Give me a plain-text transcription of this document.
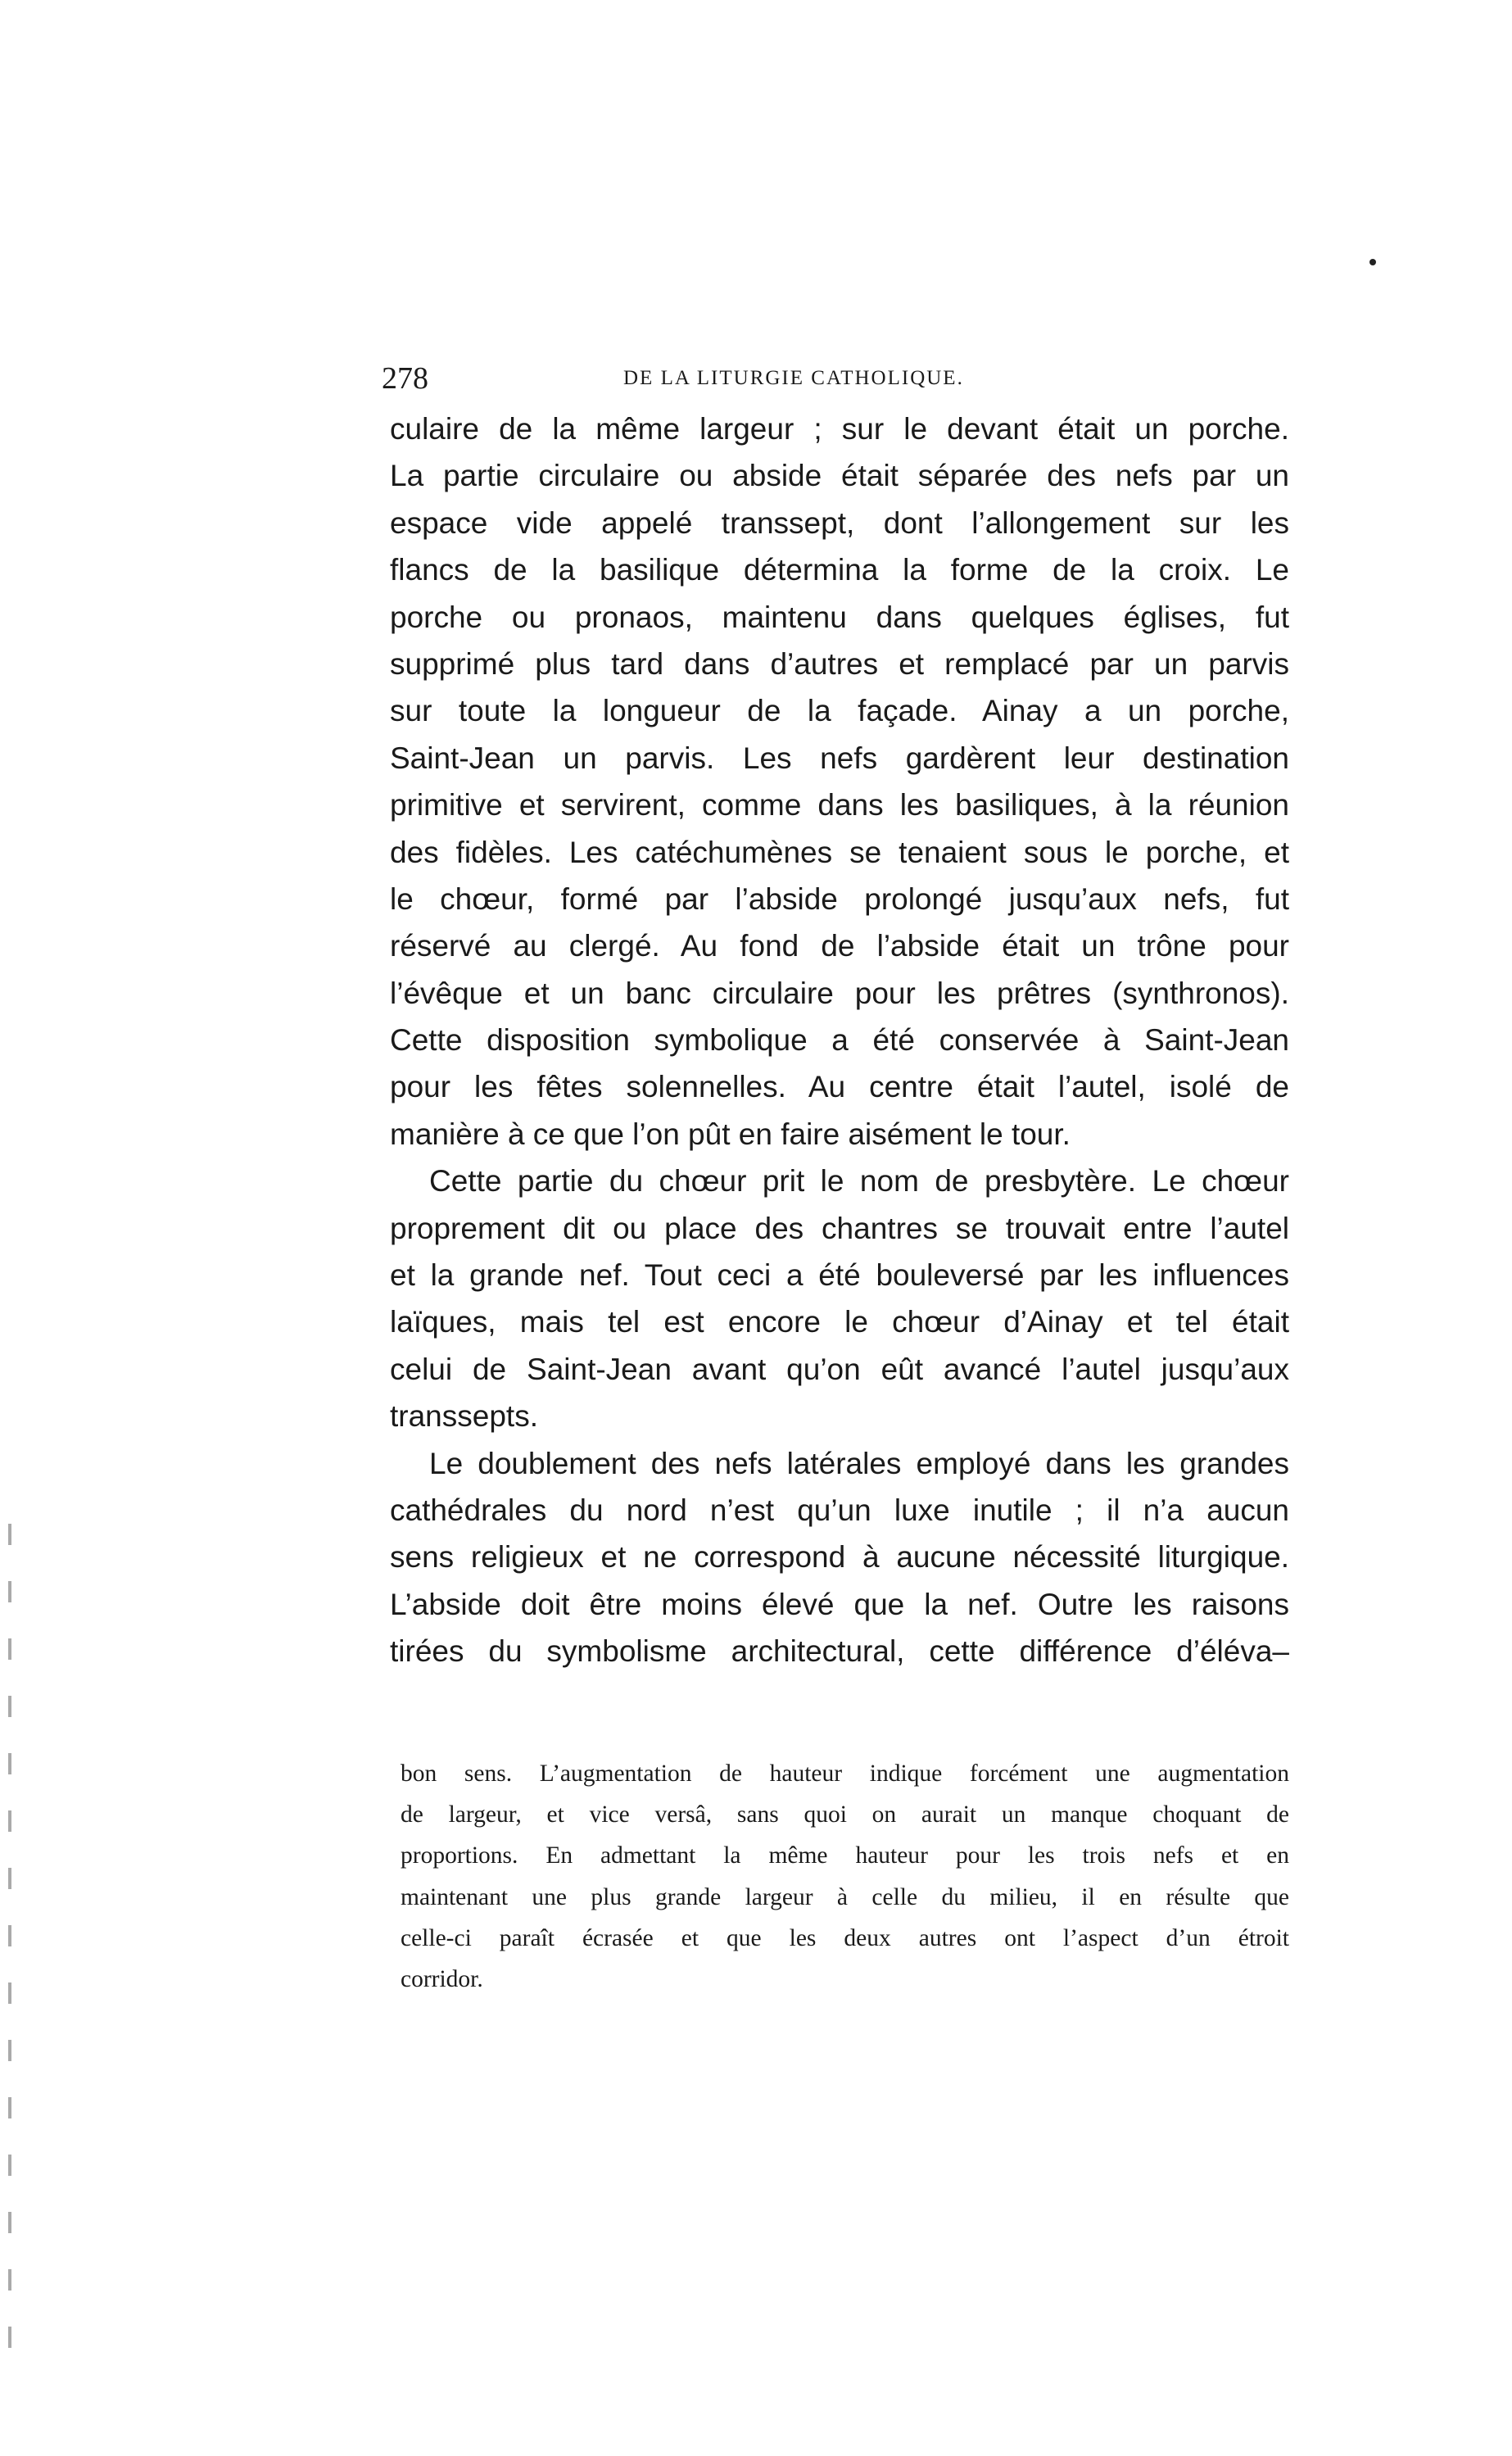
278	DE LA LITURGIE CATHOLIQUE.
culaire de la même largeur ; sur le devant était un porche.
La partie circulaire ou abside était séparée des nefs par un
espace vide appelé transsept, dont l’allongement sur les
flancs de la basilique détermina la forme de la croix. Le
porche ou pronaos, maintenu dans quelques églises, fut
supprimé plus tard dans d’autres et remplacé par un parvis
sur toute la longueur de la façade. Ainay a un porche,
Saint-Jean un parvis. Les nefs gardèrent leur destination
primitive et servirent, comme dans les basiliques, à la réunion
des fidèles. Les catéchumènes se tenaient sous le porche, et
le chœur, formé par l’abside prolongé jusqu’aux nefs, fut
réservé au clergé. Au fond de l’abside était un trône pour
l’évêque et un banc circulaire pour les prêtres (synthronos).
Cette disposition symbolique a été conservée à Saint-Jean
pour les fêtes solennelles. Au centre était l’autel, isolé de
manière à ce que l’on pût en faire aisément le tour.
Cette partie du chœur prit le nom de presbytère. Le chœur
proprement dit ou place des chantres se trouvait entre l’autel
et la grande nef. Tout ceci a été bouleversé par les influences
laïques, mais tel est encore le chœur d’Ainay et tel était
celui de Saint-Jean avant qu’on eût avancé l’autel jusqu’aux
transsepts.
Le doublement des nefs latérales employé dans les grandes
cathédrales du nord n’est qu’un luxe inutile ; il n’a aucun
sens religieux et ne correspond à aucune nécessité liturgique.
L’abside doit être moins élevé que la nef. Outre les raisons
tirées du symbolisme architectural, cette différence d’éléva–
bon sens. L’augmentation de hauteur indique forcément une augmentation
de largeur, et vice versâ, sans quoi on aurait un manque choquant de
proportions. En admettant la même hauteur pour les trois nefs et en
maintenant une plus grande largeur à celle du milieu, il en résulte que
celle-ci paraît écrasée et que les deux autres ont l’aspect d’un étroit
corridor.
